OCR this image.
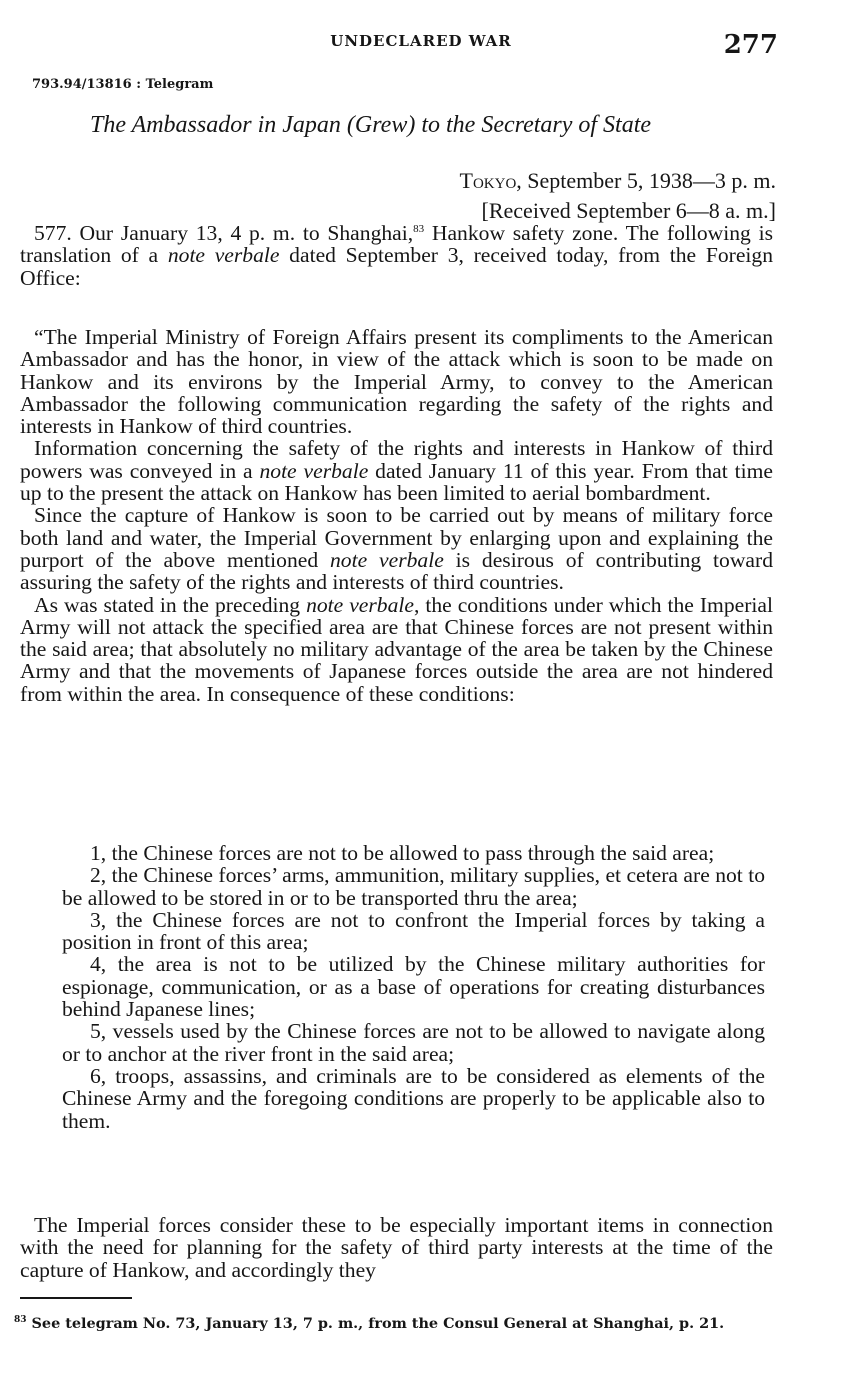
UNDECLARED WAR	277
793.94/13816 : Telegram
The Ambassador in Japan (Grew) to the Secretary of State
Tokyo, September 5, 1938—3 p. m.
[Received September 6—8 a. m.]

577. Our January 13, 4 p. m. to Shanghai,$^{83}$ Hankow safety zone. The following is translation of a note verbale dated September 3, received today, from the Foreign Office:

“The Imperial Ministry of Foreign Affairs present its compliments to the American Ambassador and has the honor, in view of the attack which is soon to be made on Hankow and its environs by the Imperial Army, to convey to the American Ambassador the following communication regarding the safety of the rights and interests in Hankow of third countries.

Information concerning the safety of the rights and interests in Hankow of third powers was conveyed in a note verbale dated January 11 of this year. From that time up to the present the attack on Hankow has been limited to aerial bombardment.

Since the capture of Hankow is soon to be carried out by means of military force both land and water, the Imperial Government by enlarging upon and explaining the purport of the above mentioned note verbale is desirous of contributing toward assuring the safety of the rights and interests of third countries.

As was stated in the preceding note verbale, the conditions under which the Imperial Army will not attack the specified area are that Chinese forces are not present within the said area; that absolutely no military advantage of the area be taken by the Chinese Army and that the movements of Japanese forces outside the area are not hindered from within the area. In consequence of these conditions:

1, the Chinese forces are not to be allowed to pass through the said area;

2, the Chinese forces’ arms, ammunition, military supplies, et cetera are not to be allowed to be stored in or to be transported thru the area;

3, the Chinese forces are not to confront the Imperial forces by taking a position in front of this area;

4, the area is not to be utilized by the Chinese military authorities for espionage, communication, or as a base of operations for creating disturbances behind Japanese lines;

5, vessels used by the Chinese forces are not to be allowed to navigate along or to anchor at the river front in the said area;

6, troops, assassins, and criminals are to be considered as elements of the Chinese Army and the foregoing conditions are properly to be applicable also to them.

The Imperial forces consider these to be especially important items in connection with the need for planning for the safety of third party interests at the time of the capture of Hankow, and accordingly they

$^{83}$ See telegram No. 73, January 13, 7 p. m., from the Consul General at Shanghai, p. 21.
